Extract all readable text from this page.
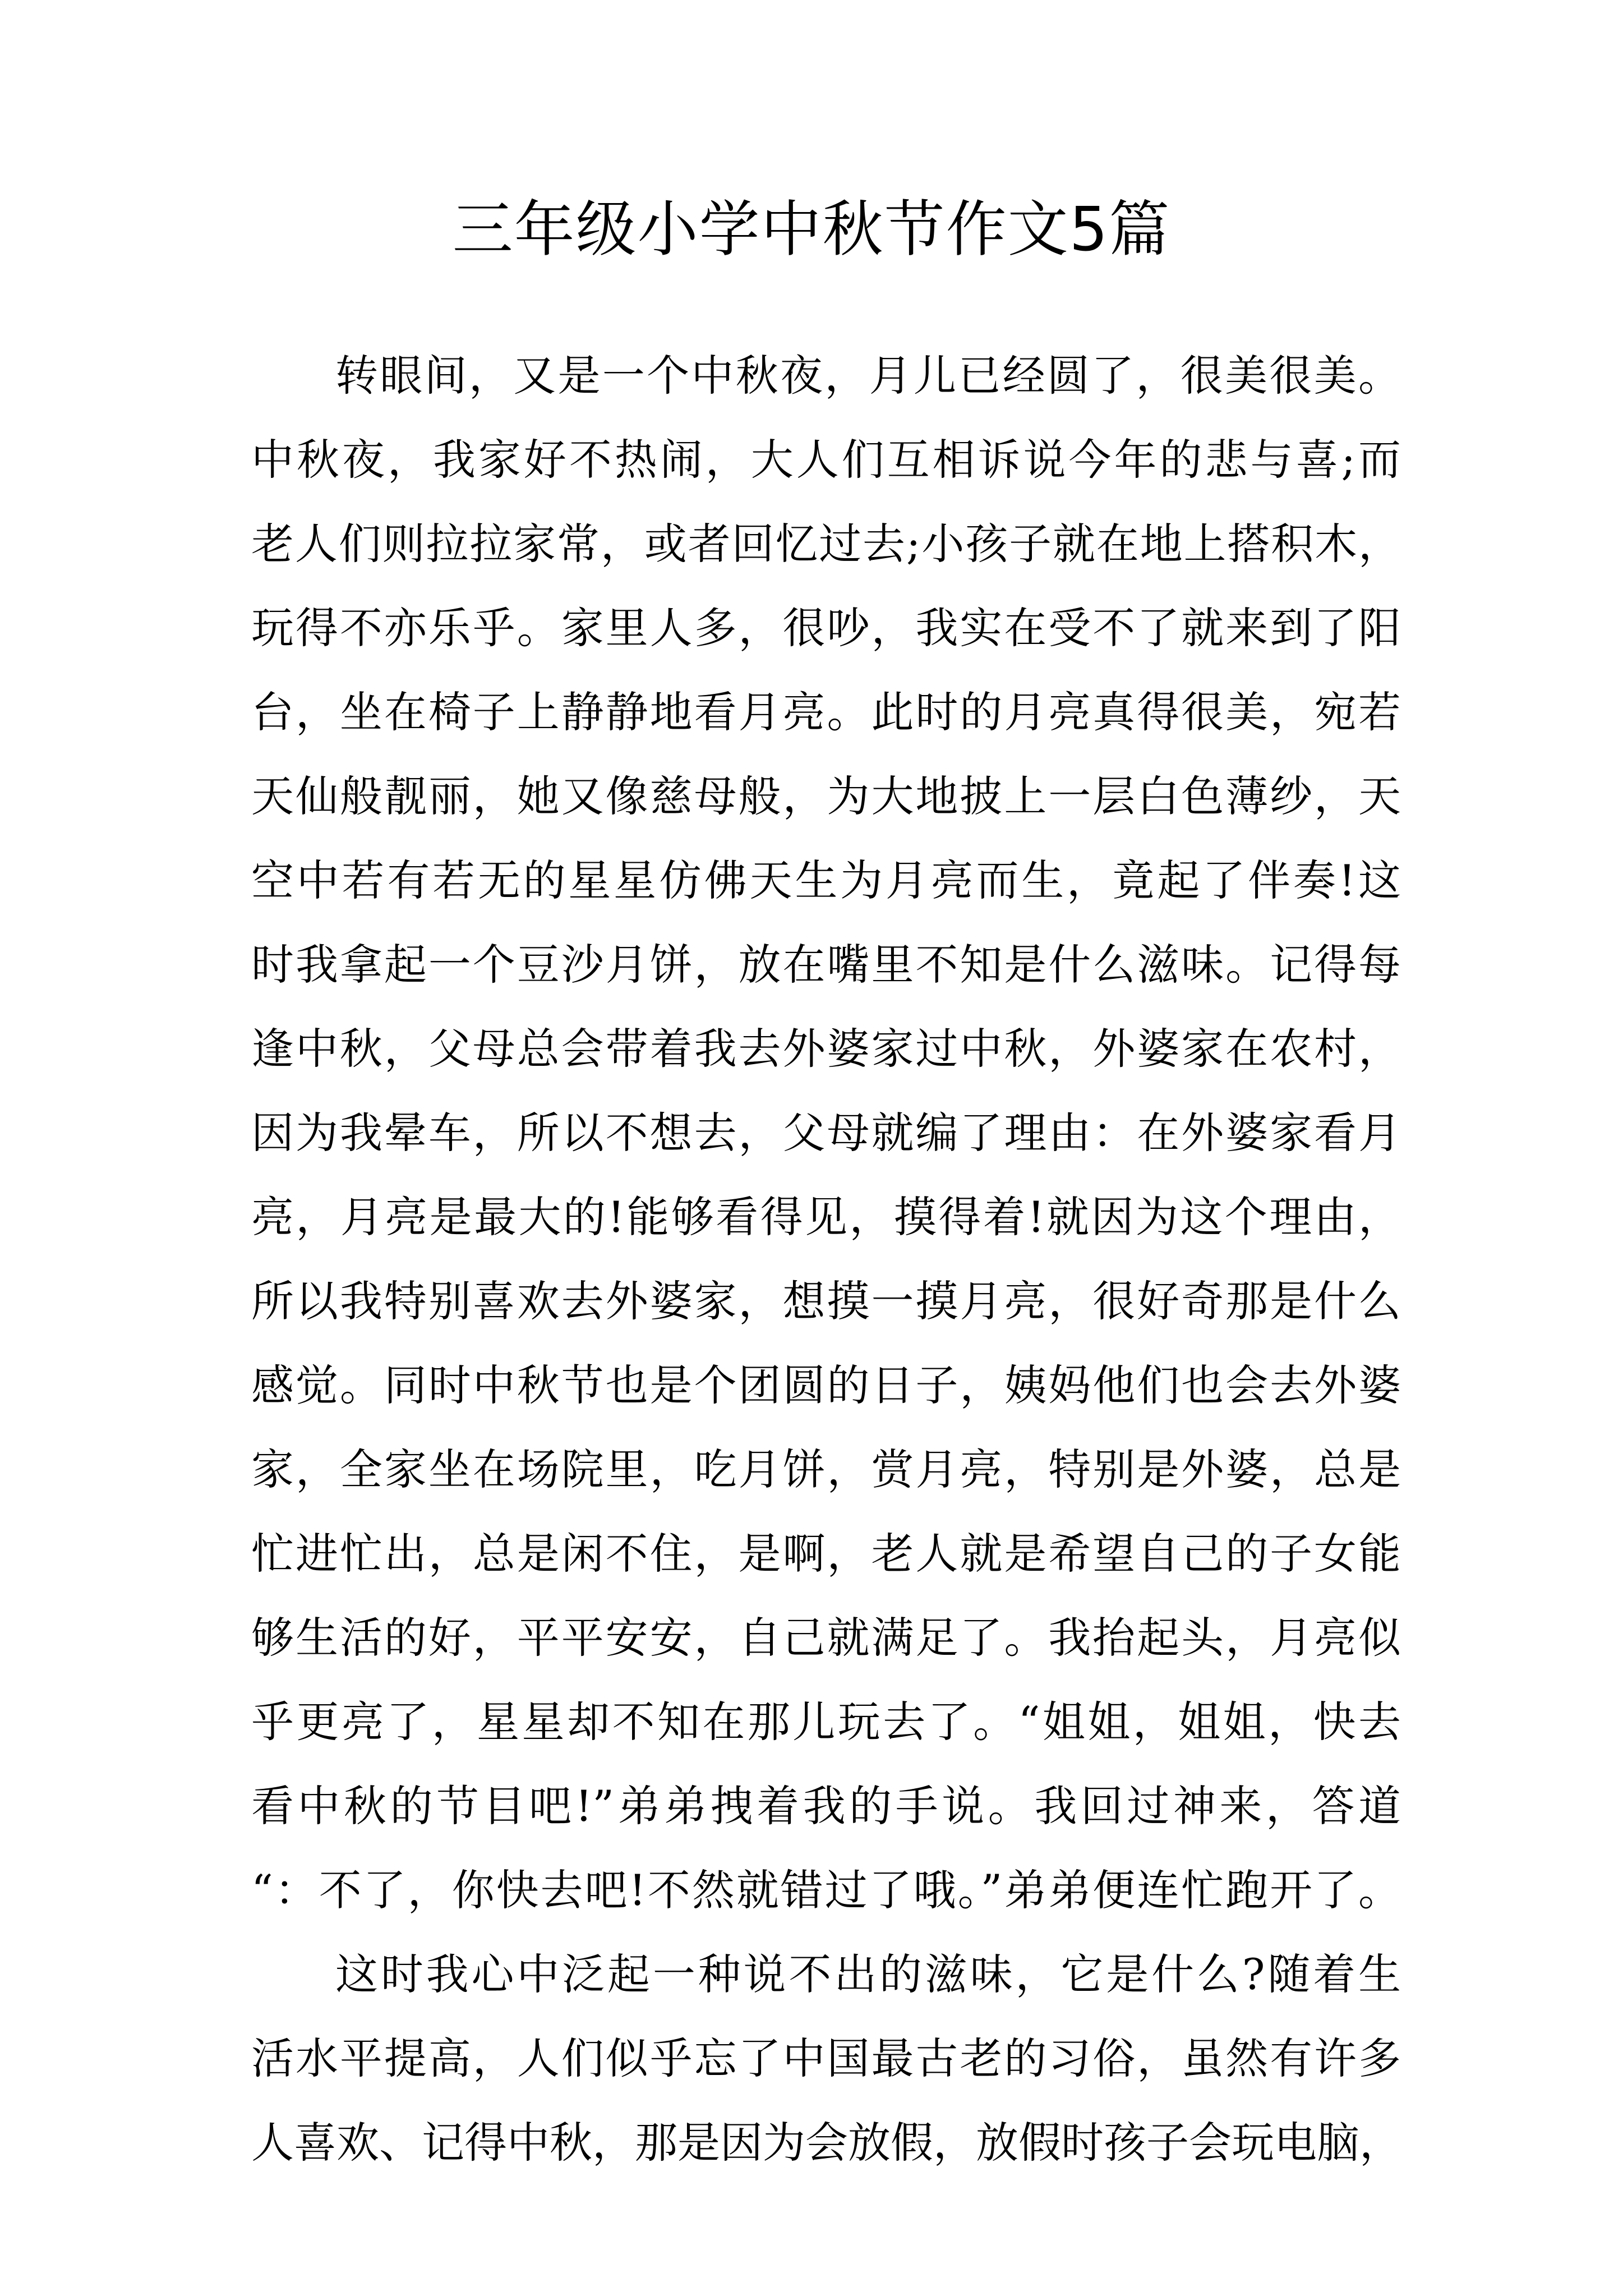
三年级小学中秋节作文5篇
转眼间，又是一个中秋夜，月儿已经圆了，很美很美。
中秋夜，我家好不热闹，大人们互相诉说今年的悲与喜;而
老人们则拉拉家常，或者回忆过去;小孩子就在地上搭积木，
玩得不亦乐乎。家里人多，很吵，我实在受不了就来到了阳
台，坐在椅子上静静地看月亮。此时的月亮真得很美，宛若
天仙般靓丽，她又像慈母般，为大地披上一层白色薄纱，天
空中若有若无的星星仿佛天生为月亮而生，竟起了伴奏!这
时我拿起一个豆沙月饼，放在嘴里不知是什么滋味。记得每
逢中秋，父母总会带着我去外婆家过中秋，外婆家在农村，
因为我晕车，所以不想去，父母就编了理由：在外婆家看月
亮，月亮是最大的!能够看得见，摸得着!就因为这个理由，
所以我特别喜欢去外婆家，想摸一摸月亮，很好奇那是什么
感觉。同时中秋节也是个团圆的日子，姨妈他们也会去外婆
家，全家坐在场院里，吃月饼，赏月亮，特别是外婆，总是
忙进忙出，总是闲不住，是啊，老人就是希望自己的子女能
够生活的好，平平安安，自己就满足了。我抬起头，月亮似
乎更亮了，星星却不知在那儿玩去了。“姐姐，姐姐，快去
看中秋的节目吧!”弟弟拽着我的手说。我回过神来，答道
“：不了，你快去吧!不然就错过了哦。”弟弟便连忙跑开了。
这时我心中泛起一种说不出的滋味，它是什么?随着生
活水平提高，人们似乎忘了中国最古老的习俗，虽然有许多
人喜欢、记得中秋，那是因为会放假，放假时孩子会玩电脑，
